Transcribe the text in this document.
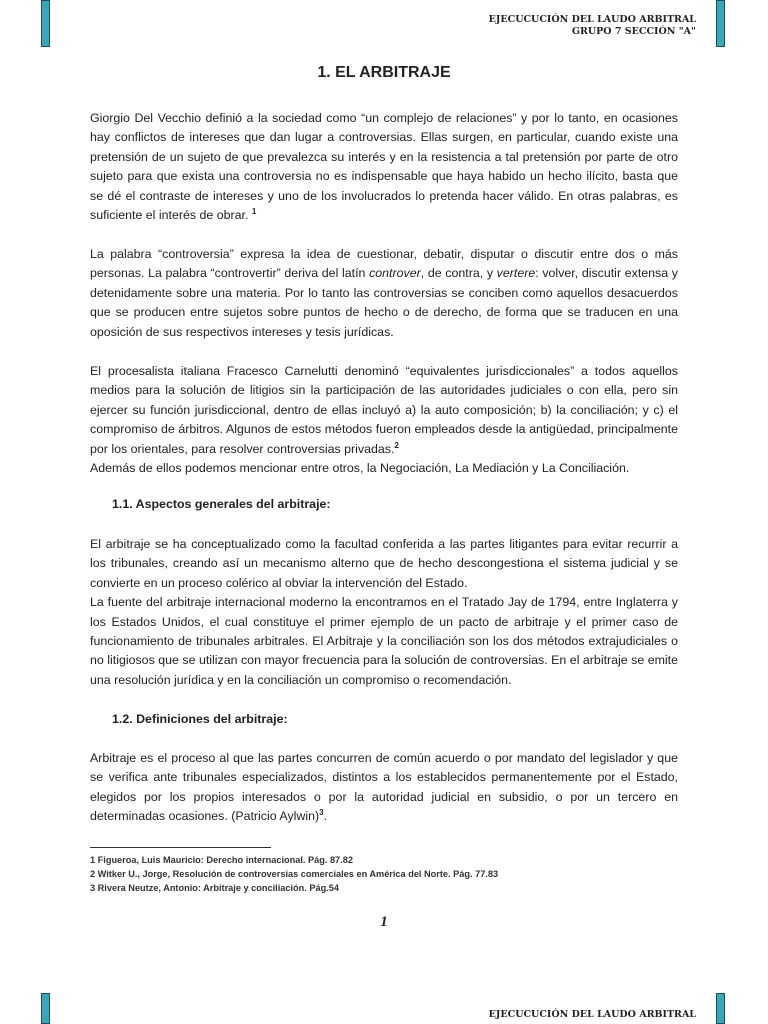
EJECUCUCIÓN DEL LAUDO ARBITRAL
GRUPO 7 SECCIÓN "A"
1. EL ARBITRAJE

Giorgio Del Vecchio definió a la sociedad como “un complejo de relaciones” y por lo tanto, en ocasiones hay conflictos de intereses que dan lugar a controversias. Ellas surgen, en particular, cuando existe una pretensión de un sujeto de que prevalezca su interés y en la resistencia a tal pretensión por parte de otro sujeto para que exista una controversia no es indispensable que haya habido un hecho ilícito, basta que se dé el contraste de intereses y uno de los involucrados lo pretenda hacer válido. En otras palabras, es suficiente el interés de obrar. $^1$

La palabra “controversia” expresa la idea de cuestionar, debatir, disputar o discutir entre dos o más personas. La palabra “controvertir” deriva del latín controver, de contra, y vertere: volver, discutir extensa y detenidamente sobre una materia. Por lo tanto las controversias se conciben como aquellos desacuerdos que se producen entre sujetos sobre puntos de hecho o de derecho, de forma que se traducen en una oposición de sus respectivos intereses y tesis jurídicas.

El procesalista italiana Fracesco Carnelutti denominó “equivalentes jurisdiccionales” a todos aquellos medios para la solución de litigios sin la participación de las autoridades judiciales o con ella, pero sin ejercer su función jurisdiccional, dentro de ellas incluyó a) la auto composición; b) la conciliación; y c) el compromiso de árbitros. Algunos de estos métodos fueron empleados desde la antigüedad, principalmente por los orientales, para resolver controversias privadas.$^2$

Además de ellos podemos mencionar entre otros, la Negociación, La Mediación y La Conciliación.

1.1. Aspectos generales del arbitraje:

El arbitraje se ha conceptualizado como la facultad conferida a las partes litigantes para evitar recurrir a los tribunales, creando así un mecanismo alterno que de hecho descongestiona el sistema judicial y se convierte en un proceso colérico al obviar la intervención del Estado.

La fuente del arbitraje internacional moderno la encontramos en el Tratado Jay de 1794, entre Inglaterra y los Estados Unidos, el cual constituye el primer ejemplo de un pacto de arbitraje y el primer caso de funcionamiento de tribunales arbitrales. El Arbitraje y la conciliación son los dos métodos extrajudiciales o no litigiosos que se utilizan con mayor frecuencia para la solución de controversias. En el arbitraje se emite una resolución jurídica y en la conciliación un compromiso o recomendación.

1.2. Definiciones del arbitraje:

Arbitraje es el proceso al que las partes concurren de común acuerdo o por mandato del legislador y que se verifica ante tribunales especializados, distintos a los establecidos permanentemente por el Estado, elegidos por los propios interesados o por la autoridad judicial en subsidio, o por un tercero en determinadas ocasiones. (Patricio Aylwin)$^3$.

1 Figueroa, Luis Mauricio: Derecho internacional. Pág. 87.82
2 Witker U., Jorge, Resolución de controversias comerciales en América del Norte. Pág. 77.83
3 Rivera Neutze, Antonio: Arbitraje y conciliación. Pág.54
1
EJECUCUCIÓN DEL LAUDO ARBITRAL
